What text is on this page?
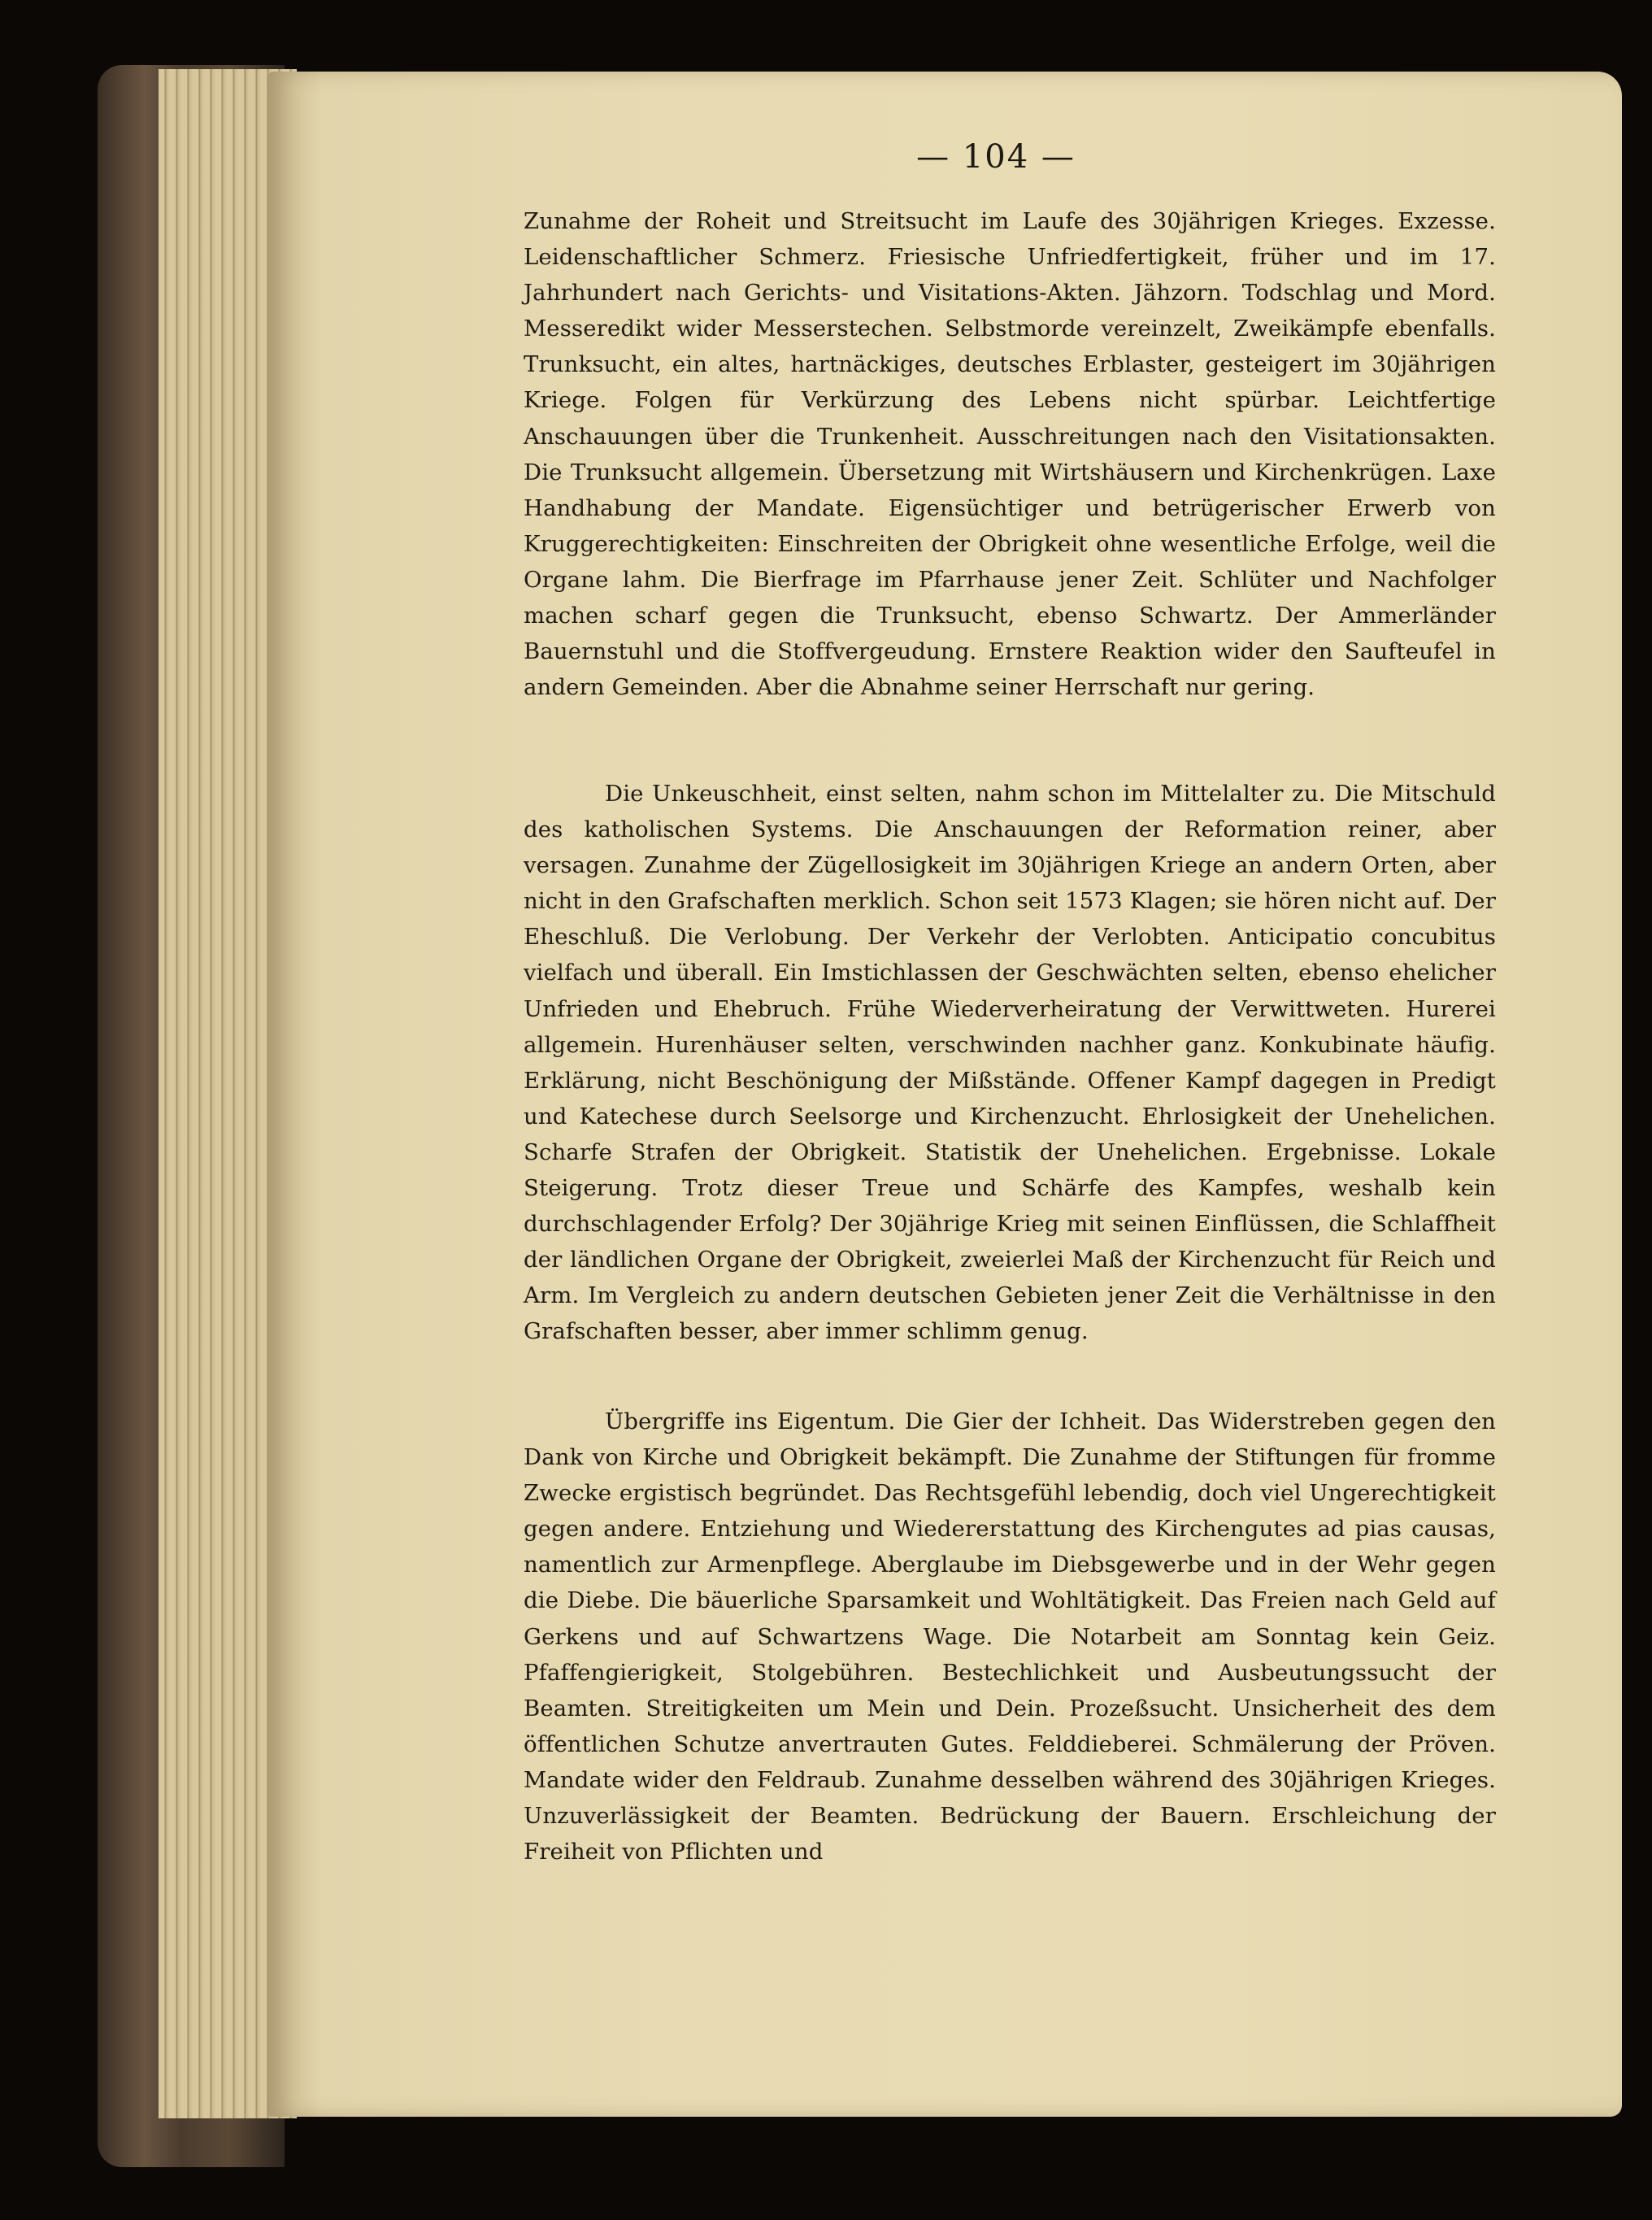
— 104 —

Zunahme der Roheit und Streitsucht im Laufe des 30jährigen Krieges. Exzesse. Leidenschaftlicher Schmerz. Friesische Unfriedfertigkeit, früher und im 17. Jahrhundert nach Gerichts- und Visitations-Akten. Jähzorn. Todschlag und Mord. Messeredikt wider Messerstechen. Selbstmorde vereinzelt, Zweikämpfe ebenfalls. Trunksucht, ein altes, hartnäckiges, deutsches Erblaster, gesteigert im 30jährigen Kriege. Folgen für Verkürzung des Lebens nicht spürbar. Leichtfertige Anschauungen über die Trunkenheit. Ausschreitungen nach den Visitationsakten. Die Trunksucht allgemein. Übersetzung mit Wirtshäusern und Kirchenkrügen. Laxe Handhabung der Mandate. Eigensüchtiger und betrügerischer Erwerb von Kruggerechtigkeiten: Einschreiten der Obrigkeit ohne wesentliche Erfolge, weil die Organe lahm. Die Bierfrage im Pfarrhause jener Zeit. Schlüter und Nachfolger machen scharf gegen die Trunksucht, ebenso Schwartz. Der Ammerländer Bauernstuhl und die Stoffvergeudung. Ernstere Reaktion wider den Saufteufel in andern Gemeinden. Aber die Abnahme seiner Herrschaft nur gering.

Die Unkeuschheit, einst selten, nahm schon im Mittelalter zu. Die Mitschuld des katholischen Systems. Die Anschauungen der Reformation reiner, aber versagen. Zunahme der Zügellosigkeit im 30jährigen Kriege an andern Orten, aber nicht in den Grafschaften merklich. Schon seit 1573 Klagen; sie hören nicht auf. Der Eheschluß. Die Verlobung. Der Verkehr der Verlobten. Anticipatio concubitus vielfach und überall. Ein Imstichlassen der Geschwächten selten, ebenso ehelicher Unfrieden und Ehebruch. Frühe Wiederverheiratung der Verwittweten. Hurerei allgemein. Hurenhäuser selten, verschwinden nachher ganz. Konkubinate häufig. Erklärung, nicht Beschönigung der Mißstände. Offener Kampf dagegen in Predigt und Katechese durch Seelsorge und Kirchenzucht. Ehrlosigkeit der Unehelichen. Scharfe Strafen der Obrigkeit. Statistik der Unehelichen. Ergebnisse. Lokale Steigerung. Trotz dieser Treue und Schärfe des Kampfes, weshalb kein durchschlagender Erfolg? Der 30jährige Krieg mit seinen Einflüssen, die Schlaffheit der ländlichen Organe der Obrigkeit, zweierlei Maß der Kirchenzucht für Reich und Arm. Im Vergleich zu andern deutschen Gebieten jener Zeit die Verhältnisse in den Grafschaften besser, aber immer schlimm genug.

Übergriffe ins Eigentum. Die Gier der Ichheit. Das Widerstreben gegen den Dank von Kirche und Obrigkeit bekämpft. Die Zunahme der Stiftungen für fromme Zwecke ergistisch begründet. Das Rechtsgefühl lebendig, doch viel Ungerechtigkeit gegen andere. Entziehung und Wiedererstattung des Kirchengutes ad pias causas, namentlich zur Armenpflege. Aberglaube im Diebsgewerbe und in der Wehr gegen die Diebe. Die bäuerliche Sparsamkeit und Wohltätigkeit. Das Freien nach Geld auf Gerkens und auf Schwartzens Wage. Die Notarbeit am Sonntag kein Geiz. Pfaffengierigkeit, Stolgebühren. Bestechlichkeit und Ausbeutungssucht der Beamten. Streitigkeiten um Mein und Dein. Prozeßsucht. Unsicherheit des dem öffentlichen Schutze anvertrauten Gutes. Felddieberei. Schmälerung der Pröven. Mandate wider den Feldraub. Zunahme desselben während des 30jährigen Krieges. Unzuverlässigkeit der Beamten. Bedrückung der Bauern. Erschleichung der Freiheit von Pflichten und
